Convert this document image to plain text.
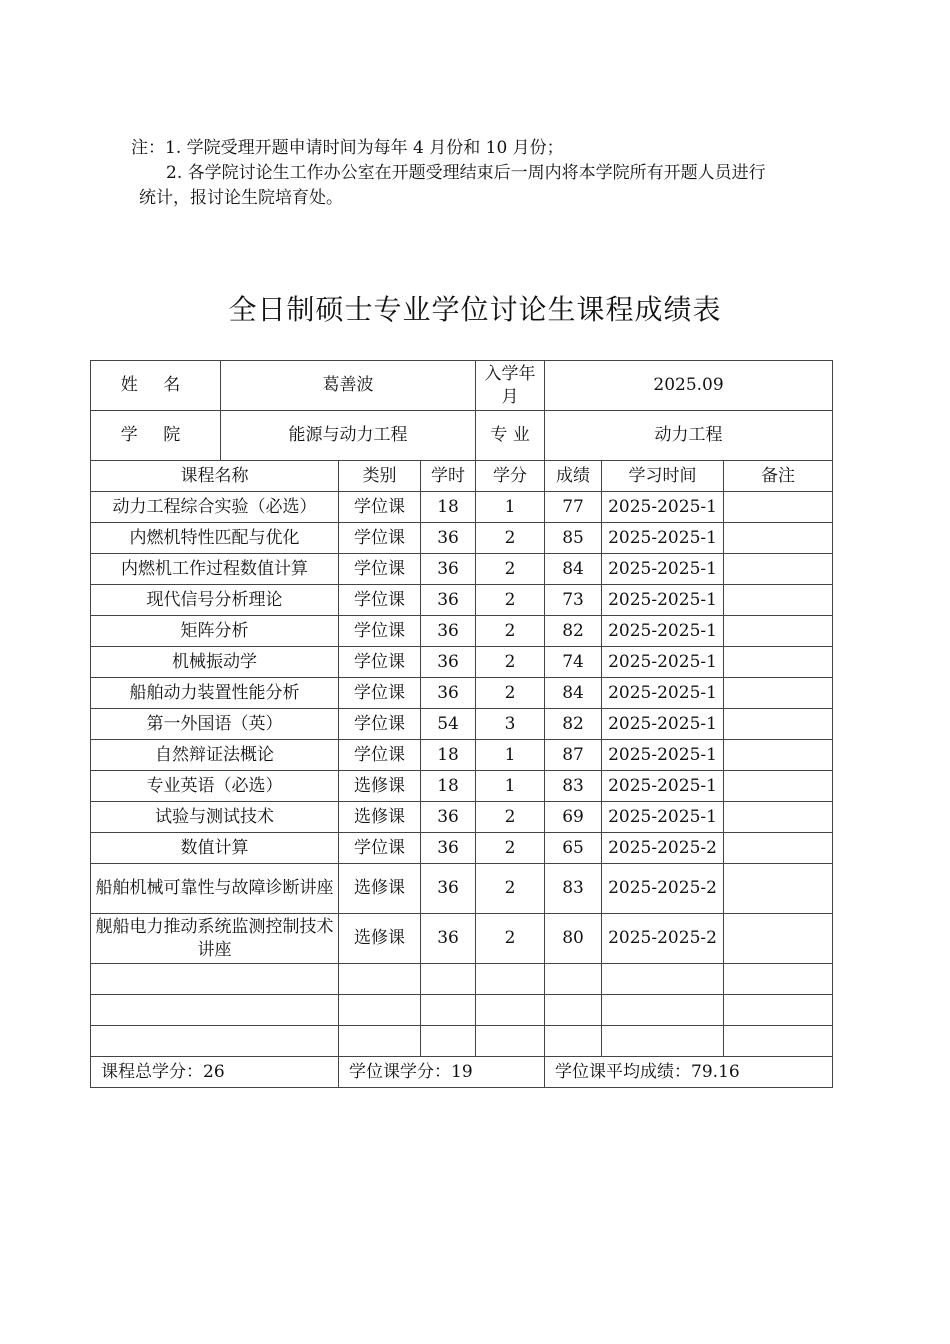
注：1. 学院受理开题申请时间为每年 4 月份和 10 月份；

2. 各学院讨论生工作办公室在开题受理结束后一周内将本学院所有开题人员进行

统计，报讨论生院培育处。

全日制硕士专业学位讨论生课程成绩表
姓 名	葛善波			入学年月	2025.09		
学 院	能源与动力工程			专 业	动力工程		
课程名称		类别	学时	学分	成绩	学习时间	备注
动力工程综合实验（必选）		学位课	18	1	77	2025-2025-1	
内燃机特性匹配与优化		学位课	36	2	85	2025-2025-1	
内燃机工作过程数值计算		学位课	36	2	84	2025-2025-1	
现代信号分析理论		学位课	36	2	73	2025-2025-1	
矩阵分析		学位课	36	2	82	2025-2025-1	
机械振动学		学位课	36	2	74	2025-2025-1	
船舶动力装置性能分析		学位课	36	2	84	2025-2025-1	
第一外国语（英）		学位课	54	3	82	2025-2025-1	
自然辩证法概论		学位课	18	1	87	2025-2025-1	
专业英语（必选）		选修课	18	1	83	2025-2025-1	
试验与测试技术		选修课	36	2	69	2025-2025-1	
数值计算		学位课	36	2	65	2025-2025-2	
船舶机械可靠性与故障诊断讲座		选修课	36	2	83	2025-2025-2	
舰船电力推动系统监测控制技术讲座		选修课	36	2	80	2025-2025-2	

课程总学分：26		学位课学分：19			学位课平均成绩：79.16		
